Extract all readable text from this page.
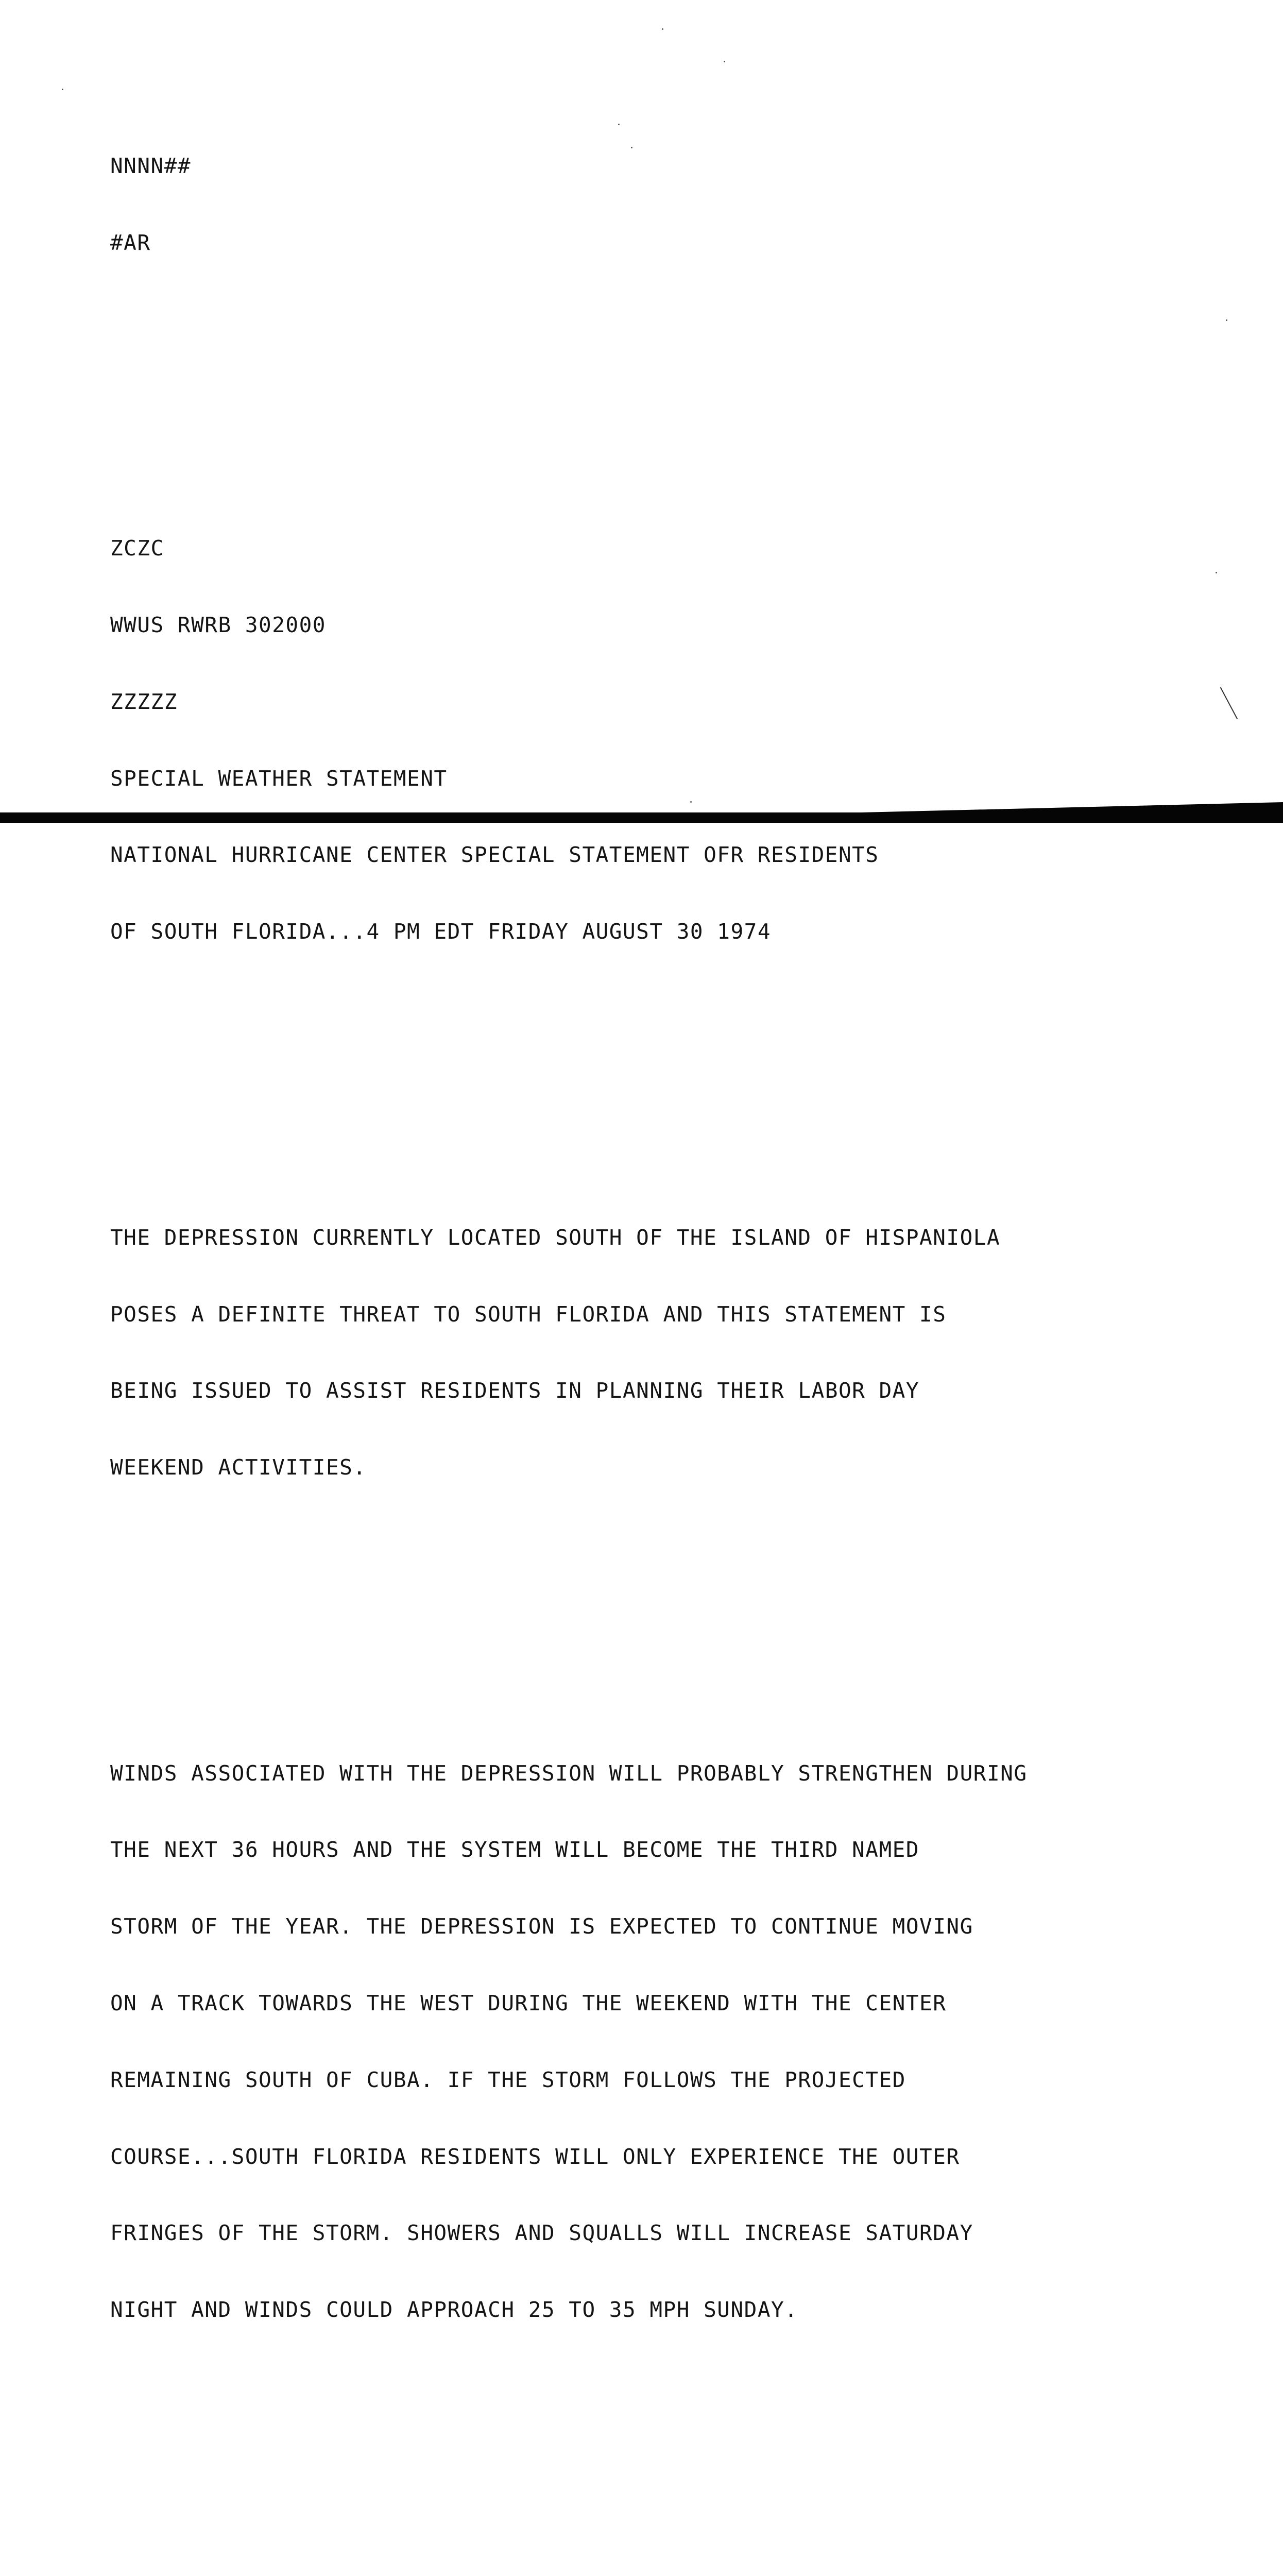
NNNN##

#AR

ZCZC

WWUS RWRB 302000

ZZZZZ

SPECIAL WEATHER STATEMENT

NATIONAL HURRICANE CENTER SPECIAL STATEMENT OFR RESIDENTS

OF SOUTH FLORIDA...4 PM EDT FRIDAY AUGUST 30 1974

THE DEPRESSION CURRENTLY LOCATED SOUTH OF THE ISLAND OF HISPANIOLA

POSES A DEFINITE THREAT TO SOUTH FLORIDA AND THIS STATEMENT IS

BEING ISSUED TO ASSIST RESIDENTS IN PLANNING THEIR LABOR DAY

WEEKEND ACTIVITIES.

WINDS ASSOCIATED WITH THE DEPRESSION WILL PROBABLY STRENGTHEN DURING

THE NEXT 36 HOURS AND THE SYSTEM WILL BECOME THE THIRD NAMED

STORM OF THE YEAR. THE DEPRESSION IS EXPECTED TO CONTINUE MOVING

ON A TRACK TOWARDS THE WEST DURING THE WEEKEND WITH THE CENTER

REMAINING SOUTH OF CUBA. IF THE STORM FOLLOWS THE PROJECTED

COURSE...SOUTH FLORIDA RESIDENTS WILL ONLY EXPERIENCE THE OUTER

FRINGES OF THE STORM. SHOWERS AND SQUALLS WILL INCREASE SATURDAY

NIGHT AND WINDS COULD APPROACH 25 TO 35 MPH SUNDAY.
